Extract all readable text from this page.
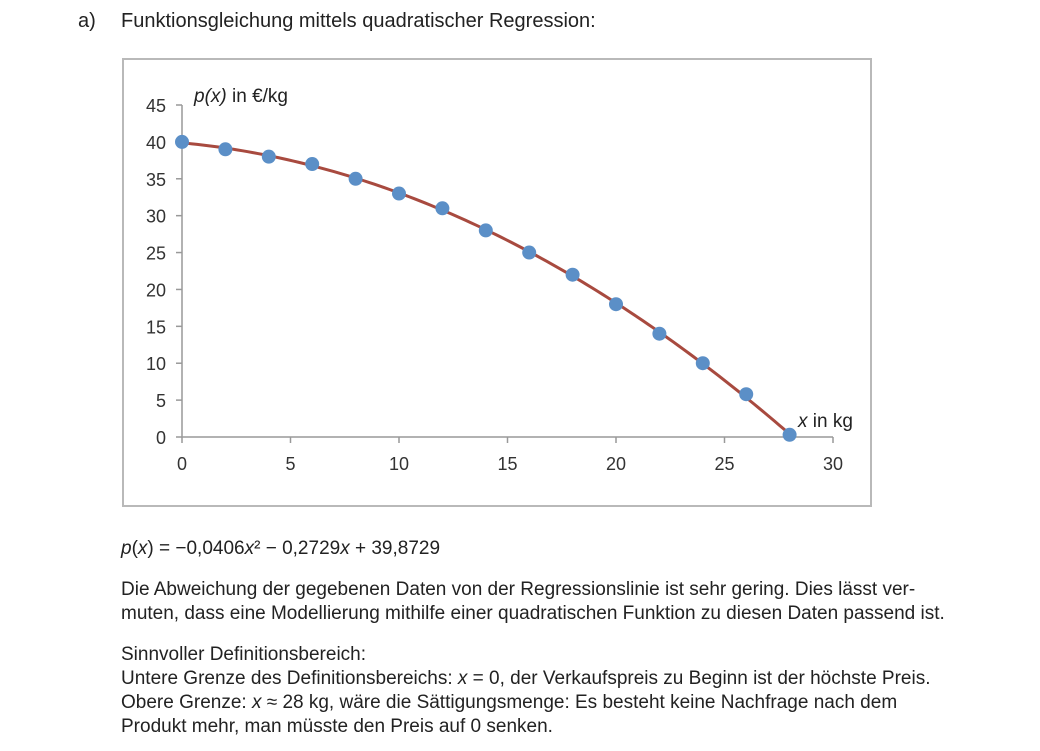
a) Funktionsgleichung mittels quadratischer Regression:
0	5	10	15	20	25	30
0
5
10
15
20
25
30
35
40
45 p(x) in €/kg
x in kg
p(x) = −0,0406x² − 0,2729x + 39,8729
Die Abweichung der gegebenen Daten von der Regressionslinie ist sehr gering. Dies lässt ver-
muten, dass eine Modellierung mithilfe einer quadratischen Funktion zu diesen Daten passend ist.
Sinnvoller Definitionsbereich:
Untere Grenze des Definitionsbereichs: x = 0, der Verkaufspreis zu Beginn ist der höchste Preis.
Obere Grenze: x ≈ 28 kg, wäre die Sättigungsmenge: Es besteht keine Nachfrage nach dem
Produkt mehr, man müsste den Preis auf 0 senken.
